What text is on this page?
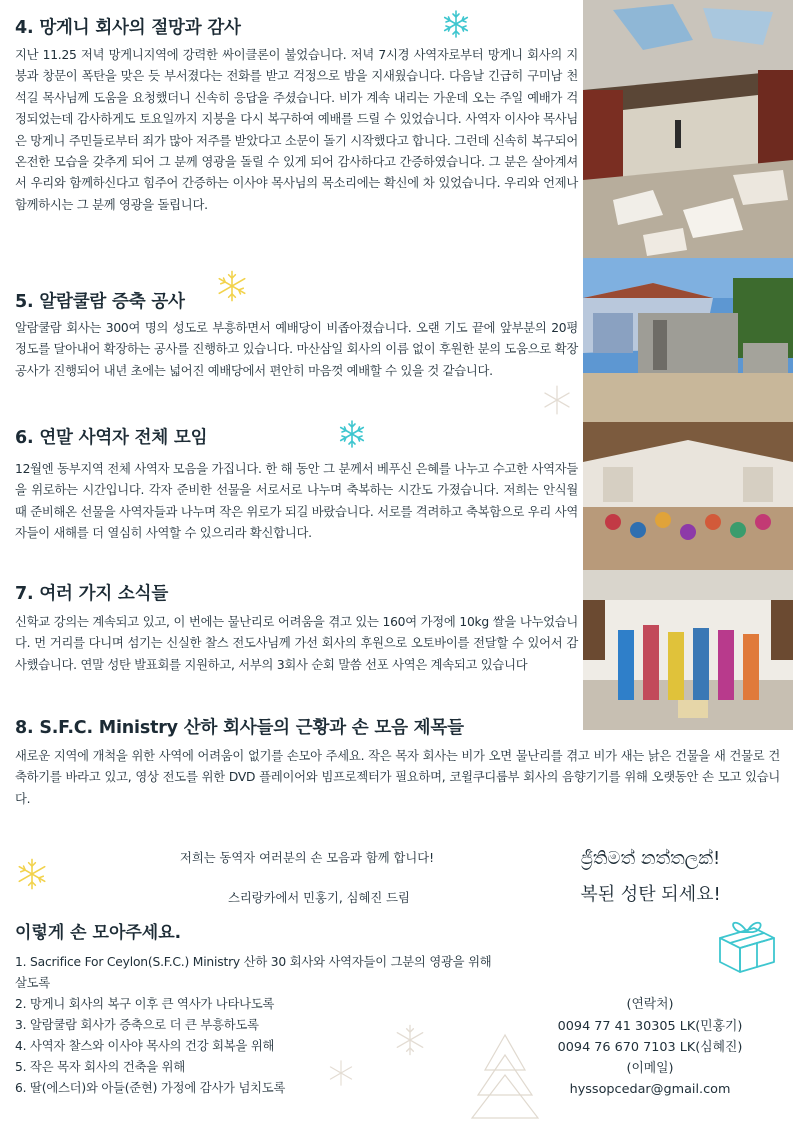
4. 망게니 회사의 절망과 감사

지난 11.25 저녁 망게니지역에 강력한 싸이클론이 불었습니다. 저녁 7시경 사역자로부터 망게니 회사의 지붕과 창문이 폭탄을 맞은 듯 부서졌다는 전화를 받고 걱정으로 밤을 지새웠습니다. 다음날 긴급히 구미남 천석길 목사님께 도움을 요청했더니 신속히 응답을 주셨습니다. 비가 계속 내리는 가운데 오는 주일 예배가 걱정되었는데 감사하게도 토요일까지 지붕을 다시 복구하여 예배를 드릴 수 있었습니다. 사역자 이사야 목사님은 망게니 주민들로부터 죄가 많아 저주를 받았다고 소문이 돌기 시작했다고 합니다. 그런데 신속히 복구되어 온전한 모습을 갖추게 되어 그 분께 영광을 돌릴 수 있게 되어 감사하다고 간증하였습니다. 그 분은 살아계셔서 우리와 함께하신다고 힘주어 간증하는 이사야 목사님의 목소리에는 확신에 차 있었습니다. 우리와 언제나 함께하시는 그 분께 영광을 돌립니다.

5. 알람쿨람 증축 공사

알람쿨람 회사는 300여 명의 성도로 부흥하면서 예배당이 비좁아졌습니다. 오랜 기도 끝에 앞부분의 20평 정도를 달아내어 확장하는 공사를 진행하고 있습니다. 마산삼일 회사의 이름 없이 후원한 분의 도움으로 확장공사가 진행되어 내년 초에는 넓어진 예배당에서 편안히 마음껏 예배할 수 있을 것 같습니다.

6. 연말 사역자 전체 모임

12월엔 동부지역 전체 사역자 모음을 가집니다. 한 해 동안 그 분께서 베푸신 은혜를 나누고 수고한 사역자들을 위로하는 시간입니다. 각자 준비한 선물을 서로서로 나누며 축복하는 시간도 가졌습니다. 저희는 안식월 때 준비해온 선물을 사역자들과 나누며 작은 위로가 되길 바랐습니다. 서로를 격려하고 축복함으로 우리 사역자들이 새해를 더 열심히 사역할 수 있으리라 확신합니다.

7. 여러 가지 소식들

신학교 강의는 계속되고 있고, 이 번에는 물난리로 어려움을 겪고 있는 160여 가정에 10kg 쌀을 나누었습니다. 먼 거리를 다니며 섬기는 신실한 찰스 전도사님께 가선 회사의 후원으로 오토바이를 전달할 수 있어서 감사했습니다. 연말 성탄 발표회를 지원하고, 서부의 3회사 순회 말씀 선포 사역은 계속되고 있습니다

8. S.F.C. Ministry 산하 회사들의 근황과 손 모음 제목들

새로운 지역에 개척을 위한 사역에 어려움이 없기를 손모아 주세요. 작은 목자 회사는 비가 오면 물난리를 겪고 비가 새는 낡은 건물을 새 건물로 건축하기를 바라고 있고, 영상 전도를 위한 DVD 플레이어와 빔프로젝터가 필요하며, 코윌쿠디룹부 회사의 음향기기를 위해 오랫동안 손 모고 있습니다.

저희는 동역자 여러분의 손 모음과 함께 합니다!
스리랑카에서 민홍기, 심혜진 드림
이렇게 손 모아주세요.
1. Sacrifice For Ceylon(S.F.C.) Ministry 산하 30 회사와 사역자들이 그분의 영광을 위해 살도록
2. 망게니 회사의 복구 이후 큰 역사가 나타나도록
3. 알람쿨람 회사가 증축으로 더 큰 부흥하도록
4. 사역자 찰스와 이사야 목사의 건강 회복을 위해
5. 작은 목자 회사의 건축을 위해
6. 딸(에스더)와 아들(준현) 가정에 감사가 넘치도록
ජ්‍රීතිමත් නත්තලක්!
복된 성탄 되세요!
(연락처)
0094 77 41 30305 LK(민홍기)
0094 76 670 7103 LK(심혜진)
(이메일)
hyssopcedar@gmail.com
